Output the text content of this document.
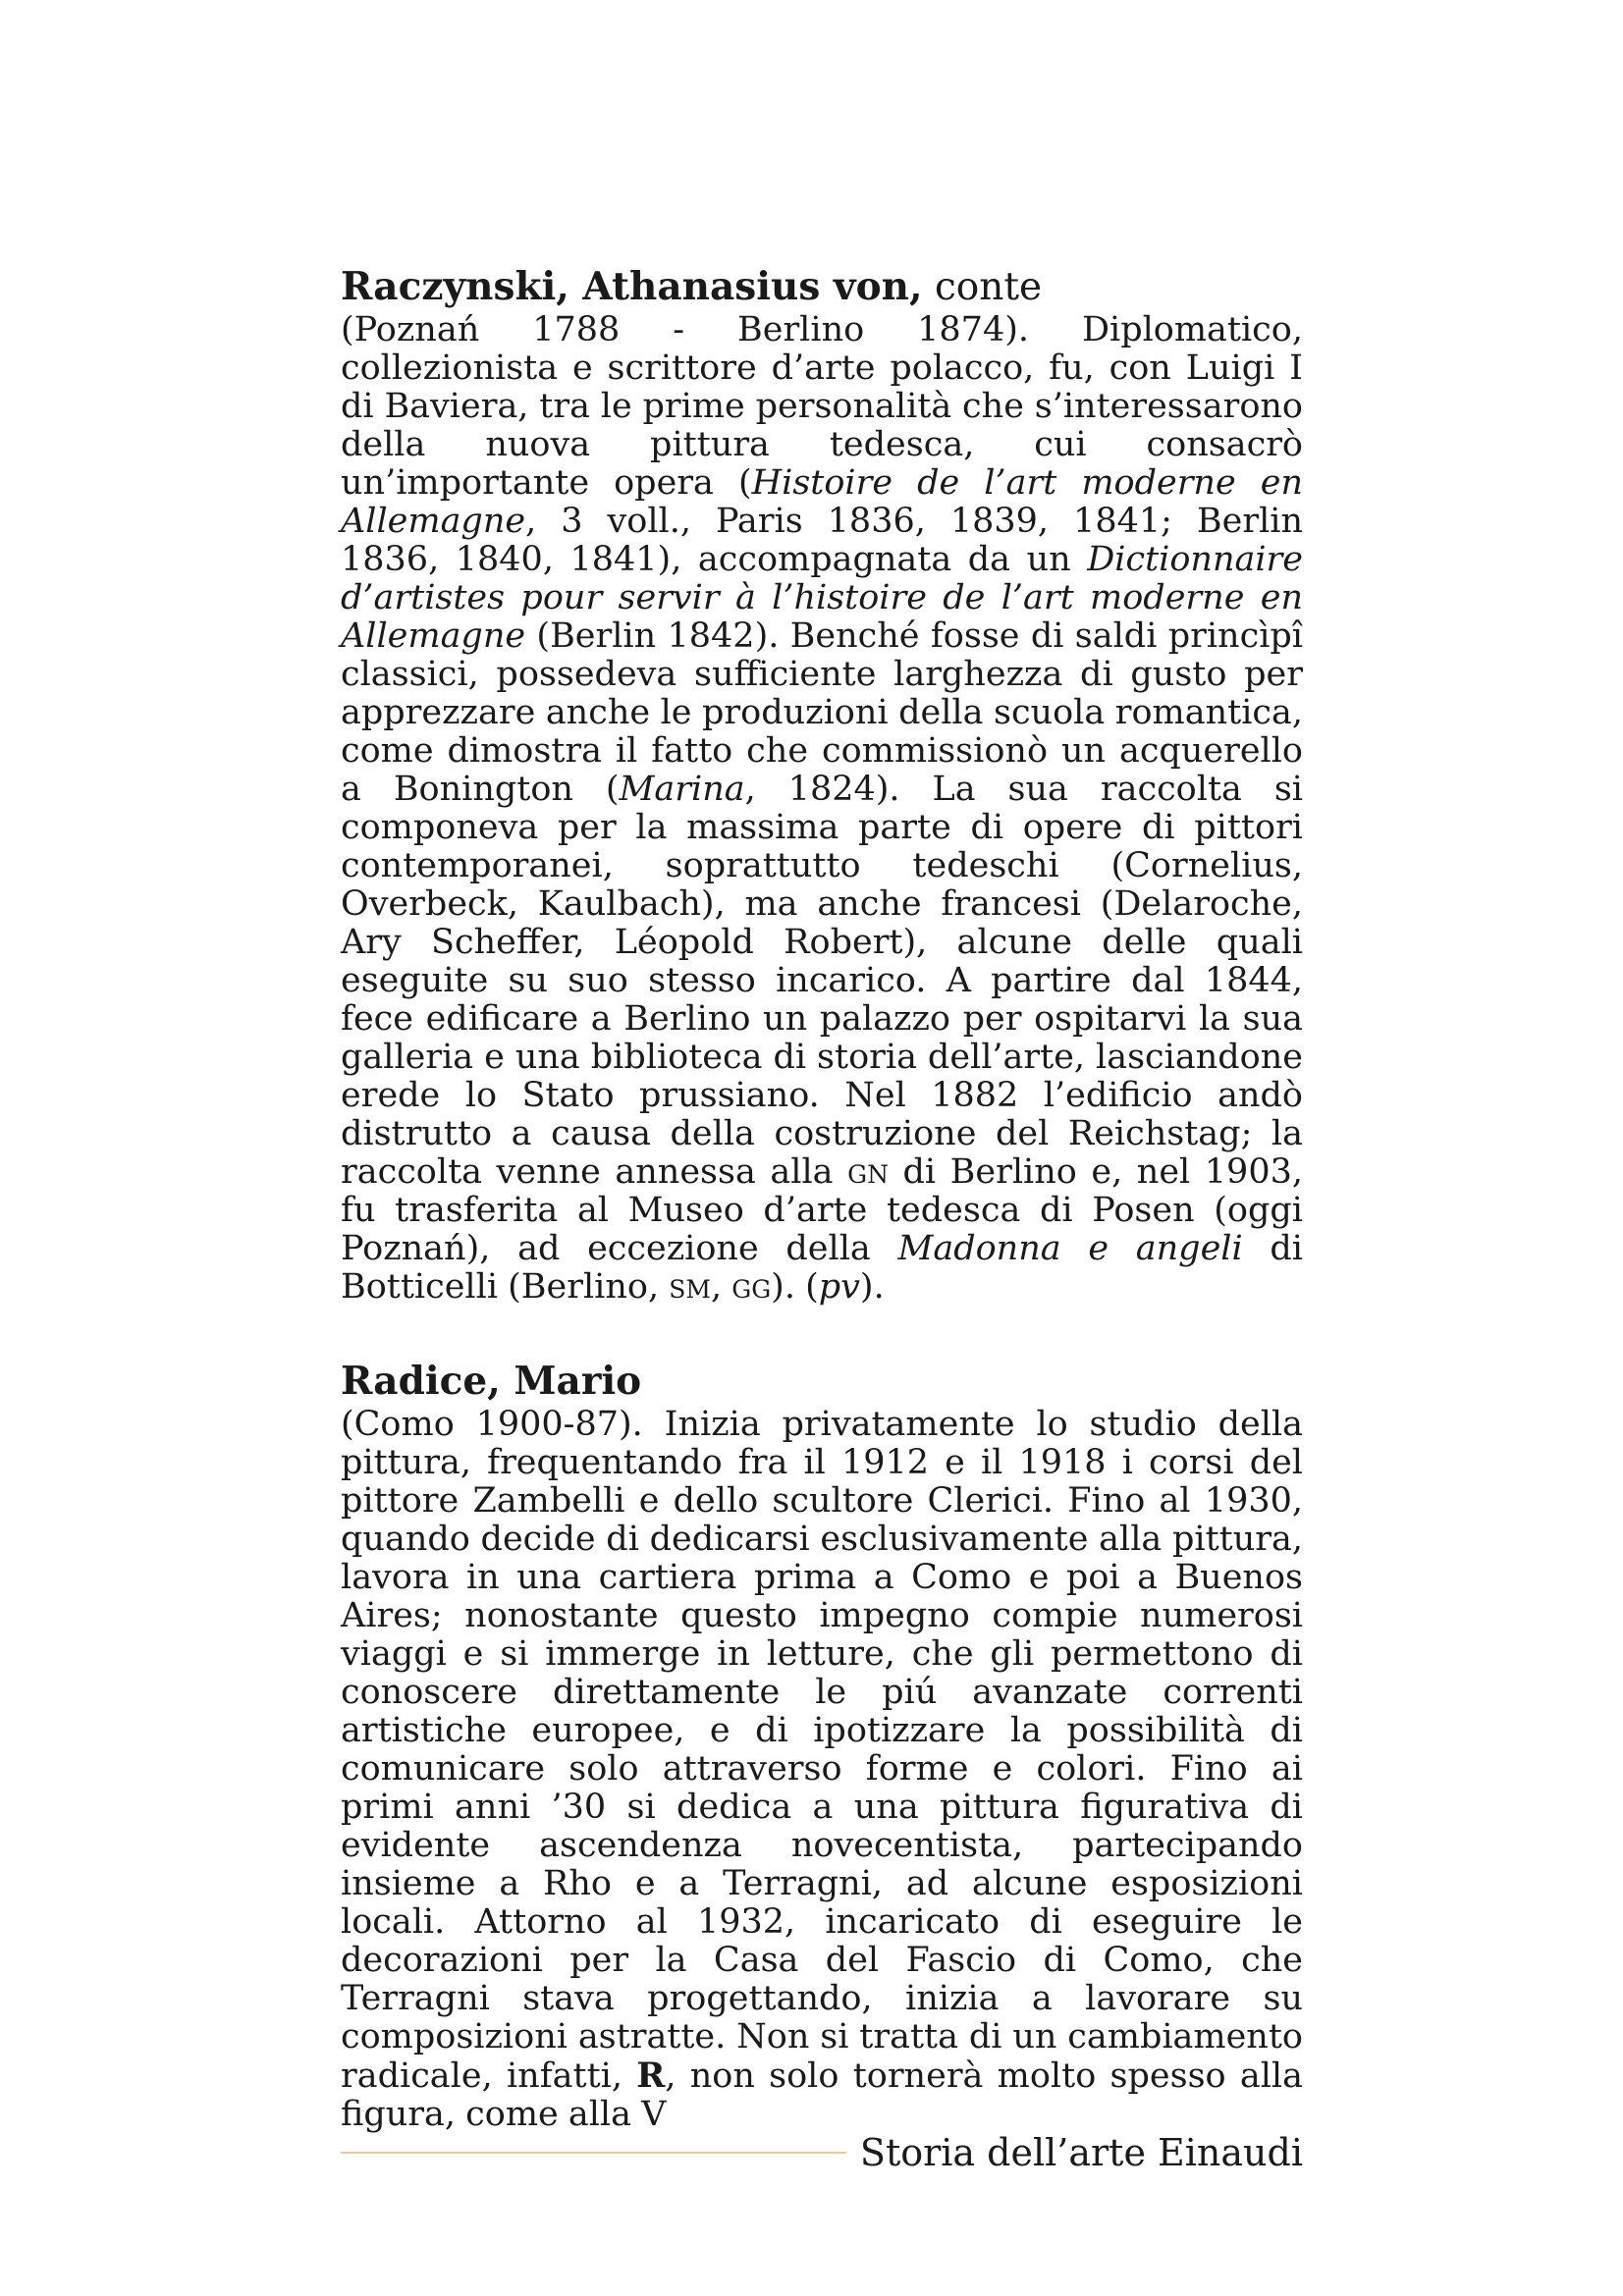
Raczynski, Athanasius von, conte

(Poznań 1788 - Berlino 1874). Diplomatico, collezionista e scrittore d’arte polacco, fu, con Luigi I di Baviera, tra le prime personalità che s’interessarono della nuova pittura tedesca, cui consacrò un’importante opera (Histoire de l’art moderne en Allemagne, 3 voll., Paris 1836, 1839, 1841; Berlin 1836, 1840, 1841), accompagnata da un Dictionnaire d’artistes pour servir à l’histoire de l’art moderne en Allemagne (Berlin 1842). Benché fosse di saldi princìpî classici, possedeva sufficiente larghezza di gusto per apprezzare anche le produzioni della scuola romantica, come dimostra il fatto che commissionò un acquerello a Bonington (Marina, 1824). La sua raccolta si componeva per la massima parte di opere di pittori contemporanei, soprattutto tedeschi (Cornelius, Overbeck, Kaulbach), ma anche francesi (Delaroche, Ary Scheffer, Léopold Robert), alcune delle quali eseguite su suo stesso incarico. A partire dal 1844, fece edificare a Berlino un palazzo per ospitarvi la sua galleria e una biblioteca di storia dell’arte, lasciandone erede lo Stato prussiano. Nel 1882 l’edificio andò distrutto a causa della costruzione del Reichstag; la raccolta venne annessa alla gn di Berlino e, nel 1903, fu trasferita al Museo d’arte tedesca di Posen (oggi Poznań), ad eccezione della Madonna e angeli di Botticelli (Berlino, sm, gg). (pv).

Radice, Mario

(Como 1900-87). Inizia privatamente lo studio della pittura, frequentando fra il 1912 e il 1918 i corsi del pittore Zambelli e dello scultore Clerici. Fino al 1930, quando decide di dedicarsi esclusivamente alla pittura, lavora in una cartiera prima a Como e poi a Buenos Aires; nonostante questo impegno compie numerosi viaggi e si immerge in letture, che gli permettono di conoscere direttamente le piú avanzate correnti artistiche europee, e di ipotizzare la possibilità di comunicare solo attraverso forme e colori. Fino ai primi anni ’30 si dedica a una pittura figurativa di evidente ascendenza novecentista, partecipando insieme a Rho e a Terragni, ad alcune esposizioni locali. Attorno al 1932, incaricato di eseguire le decorazioni per la Casa del Fascio di Como, che Terragni stava progettando, inizia a lavorare su composizioni astratte. Non si tratta di un cambiamento radicale, infatti, R, non solo tornerà molto spesso alla figura, come alla V

Storia dell’arte Einaudi
